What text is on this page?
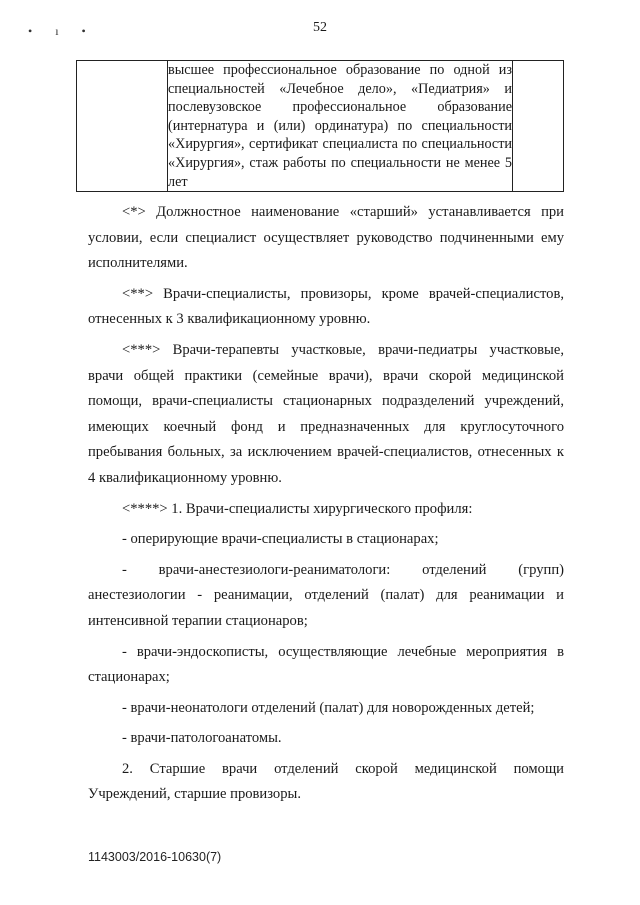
• ı •	52
	высшее профессиональное образование по одной из специальностей «Лечебное дело», «Педиатрия» и послевузовское профессиональное образование (интернатура и (или) ординатура) по специальности «Хирургия», сертификат специалиста по специальности «Хирургия», стаж работы по специальности не менее 5 лет	

<*> Должностное наименование «старший» устанавливается при условии, если специалист осуществляет руководство подчиненными ему исполнителями.

<**> Врачи-специалисты, провизоры, кроме врачей-специалистов, отнесенных к 3 квалификационному уровню.

<***> Врачи-терапевты участковые, врачи-педиатры участковые, врачи общей практики (семейные врачи), врачи скорой медицинской помощи, врачи-специалисты стационарных подразделений учреждений, имеющих коечный фонд и предназначенных для круглосуточного пребывания больных, за исключением врачей-специалистов, отнесенных к 4 квалификационному уровню.

<****> 1. Врачи-специалисты хирургического профиля:

- оперирующие врачи-специалисты в стационарах;

- врачи-анестезиологи-реаниматологи: отделений (групп) анестезиологии - реанимации, отделений (палат) для реанимации и интенсивной терапии стационаров;

- врачи-эндоскописты, осуществляющие лечебные мероприятия в стационарах;

- врачи-неонатологи отделений (палат) для новорожденных детей;

- врачи-патологоанатомы.

2. Старшие врачи отделений скорой медицинской помощи Учреждений, старшие провизоры.

1143003/2016-10630(7)
